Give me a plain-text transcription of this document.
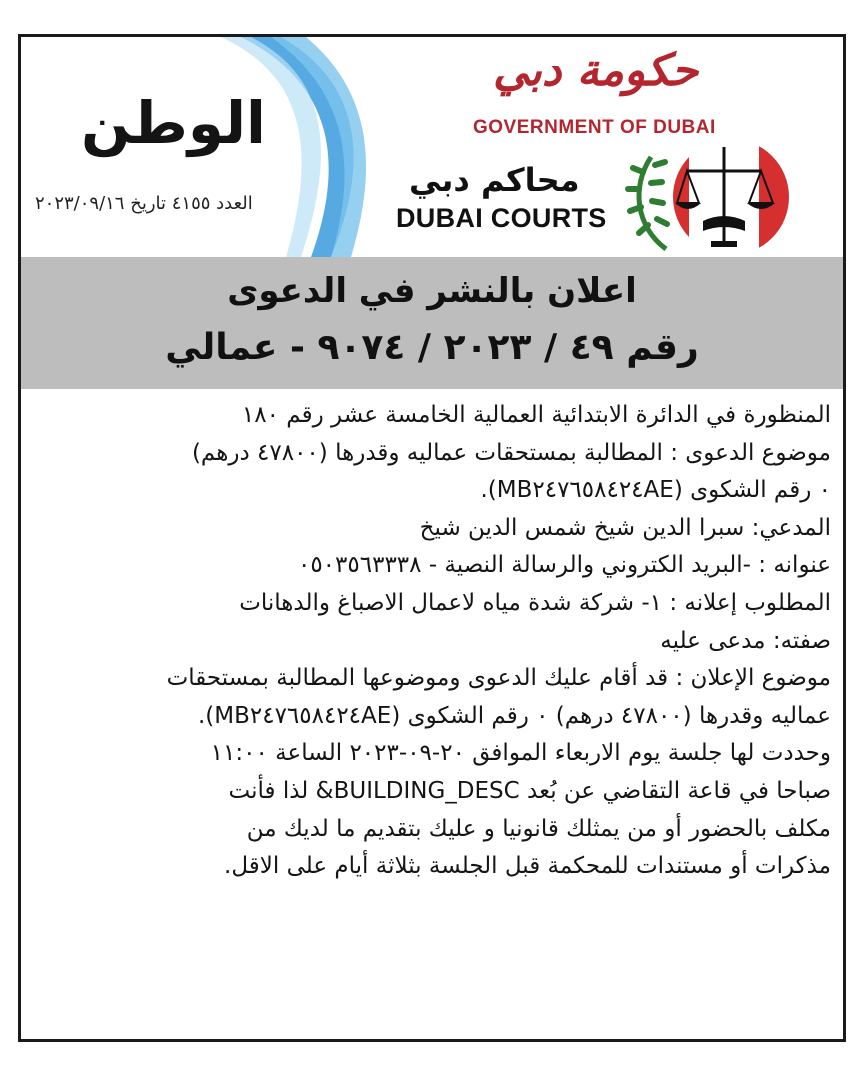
الوطن
العدد ٤١٥٥ تاريخ ٢٠٢٣/٠٩/١٦
حكومة دبي
GOVERNMENT OF DUBAI
محاكم دبي
DUBAI COURTS
اعلان بالنشر في الدعوى
رقم ٤٩ / ٢٠٢٣ / ٩٠٧٤ - عمالي

المنظورة في الدائرة الابتدائية العمالية الخامسة عشر رقم ١٨٠

موضوع الدعوى : المطالبة بمستحقات عماليه وقدرها (٤٧٨٠٠ درهم)

٠ رقم الشكوى (MB٢٤٧٦٥٨٤٢٤AE).

المدعي: سبرا الدين شيخ شمس الدين شيخ

عنوانه : -البريد الكتروني والرسالة النصية - ٠٥٠٣٥٦٣٣٣٨

المطلوب إعلانه : ١- شركة شدة مياه لاعمال الاصباغ والدهانات

صفته: مدعى عليه

موضوع الإعلان : قد أقام عليك الدعوى وموضوعها المطالبة بمستحقات

عماليه وقدرها (٤٧٨٠٠ درهم) ٠ رقم الشكوى (MB٢٤٧٦٥٨٤٢٤AE).

وحددت لها جلسة يوم الاربعاء الموافق ٢٠-٠٩-٢٠٢٣ الساعة ١١:٠٠

صباحا في قاعة التقاضي عن بُعد BUILDING_DESC& لذا فأنت

مكلف بالحضور أو من يمثلك قانونيا و عليك بتقديم ما لديك من

مذكرات أو مستندات للمحكمة قبل الجلسة بثلاثة أيام على الاقل.
